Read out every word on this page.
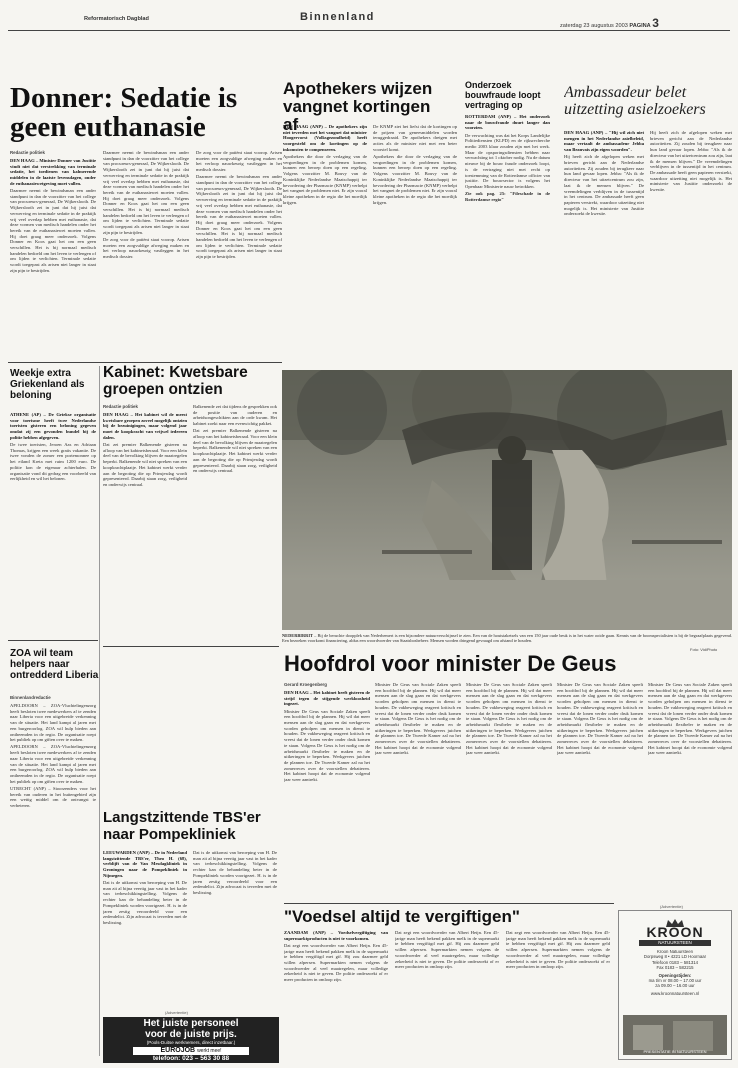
Reformatorisch Dagblad	Binnenland
zaterdag 23 augustus 2003 PAGINA 3
Donner: Sedatie is geen euthanasie
Redactie politiek

DEN HAAG – Minister Donner van Justitie vindt niet dat verstrekking van terminale sedatie, het toedienen van kalmerende middelen in de laatste levensdagen, onder de euthanasiewetgeving moet vallen.

Daarmee neemt de bewindsman een ander standpunt in dan de voorzitter van het college van procureurs-generaal, De Wijkerslooth. De Wijkerslooth zei in juni dat hij juist dat verwerving en terminale sedatie in de praktijk vrij veel overlap hebben met euthanasie, dat deze vormen van medisch handelen onder het bereik van de euthanasiewet moeten vallen. Hij doet graag meer onderzoek. Volgens Donner en Koos gaat het om een geen verschillen. Het is bij normaal medisch handelen bedoeld om het leven te verlengen of om lijden te verlichten. Terminale sedatie wordt toegepast als artsen niet langer in staat zijn pijn te bestrijden.

Daarmee neemt de bewindsman een ander standpunt in dan de voorzitter van het college van procureurs-generaal, De Wijkerslooth. De Wijkerslooth zei in juni dat hij juist dat verwerving en terminale sedatie in de praktijk vrij veel overlap hebben met euthanasie, dat deze vormen van medisch handelen onder het bereik van de euthanasiewet moeten vallen. Hij doet graag meer onderzoek. Volgens Donner en Koos gaat het om een geen verschillen. Het is bij normaal medisch handelen bedoeld om het leven te verlengen of om lijden te verlichten. Terminale sedatie wordt toegepast als artsen niet langer in staat zijn pijn te bestrijden.

De zorg voor de patiënt staat voorop. Artsen moeten een zorgvuldige afweging maken en het verloop nauwkeurig vastleggen in het medisch dossier.

De zorg voor de patiënt staat voorop. Artsen moeten een zorgvuldige afweging maken en het verloop nauwkeurig vastleggen in het medisch dossier.

Daarmee neemt de bewindsman een ander standpunt in dan de voorzitter van het college van procureurs-generaal, De Wijkerslooth. De Wijkerslooth zei in juni dat hij juist dat verwerving en terminale sedatie in de praktijk vrij veel overlap hebben met euthanasie, dat deze vormen van medisch handelen onder het bereik van de euthanasiewet moeten vallen. Hij doet graag meer onderzoek. Volgens Donner en Koos gaat het om een geen verschillen. Het is bij normaal medisch handelen bedoeld om het leven te verlengen of om lijden te verlichten. Terminale sedatie wordt toegepast als artsen niet langer in staat zijn pijn te bestrijden.

Apothekers wijzen vangnet kortingen af

DEN HAAG (ANP) – De apothekers zijn niet tevreden met het vangnet dat minister Hoogervorst (Volksgezondheid) heeft voorgesteld om de kortingen op de inkomsten te compenseren.

Apothekers die door de verlaging van de vergoedingen in de problemen komen, kunnen een beroep doen op een regeling. Volgens voorzitter M. Bouvy van de Koninklijke Nederlandse Maatschappij ter bevordering der Pharmacie (KNMP) verhelpt het vangnet de problemen niet. Er zijn vooral kleine apotheken in de regio die het moeilijk krijgen.

De KNMP ziet het liefst dat de kortingen op de prijzen van geneesmiddelen worden teruggedraaid. De apothekers dreigen met acties als de minister niet met een beter voorstel komt.

Apothekers die door de verlaging van de vergoedingen in de problemen komen, kunnen een beroep doen op een regeling. Volgens voorzitter M. Bouvy van de Koninklijke Nederlandse Maatschappij ter bevordering der Pharmacie (KNMP) verhelpt het vangnet de problemen niet. Er zijn vooral kleine apotheken in de regio die het moeilijk krijgen.

Onderzoek bouwfraude loopt vertraging op

ROTTERDAM (ANP) – Het onderzoek naar de bouwfraude duurt langer dan voorzien.

De verwachting was dat het Korps Landelijke Politiediensten (KLPD) en de rijksrecherche medio 2003 klaar zouden zijn met het werk. Maar de opsporingsdiensten hebben naar verwachting tot 1 oktober nodig. Nu de datum nieuwe bij de bouw fraude onderzoek loopt, is de vertraging niet met recht op toestemming van de Rotterdamse officier van justitie. De bouwsector is volgens het Openbaar Ministerie nauw betrokken.

Zie ook pag. 25: "Fileschade in de Rotterdamse regio"

Ambassadeur belet uitzetting asielzoekers

DEN HAAG (ANP) – "Hij wil zich niet mengen in het Nederlandse asielbeleid, maar vertaalt de ambassadeur Jebba van Beauvais zijn eigen woorden".

Hij heeft zich de afgelopen weken met brieven gericht aan de Nederlandse autoriteiten. Zij zouden bij terugkeer naar hun land gevaar lopen. Jebba: "Als ik de directeur van het uitzetcentrum zou zijn, laat ik de mensen blijven." De vreemdelingen verblijven in de tussentijd in het centrum. De ambassade heeft geen papieren verstrekt, waardoor uitzetting niet mogelijk is. Het ministerie van Justitie onderzoekt de kwestie.

Hij heeft zich de afgelopen weken met brieven gericht aan de Nederlandse autoriteiten. Zij zouden bij terugkeer naar hun land gevaar lopen. Jebba: "Als ik de directeur van het uitzetcentrum zou zijn, laat ik de mensen blijven." De vreemdelingen verblijven in de tussentijd in het centrum. De ambassade heeft geen papieren verstrekt, waardoor uitzetting niet mogelijk is. Het ministerie van Justitie onderzoekt de kwestie.

Weekje extra Griekenland als beloning

ATHENE (AP) – De Griekse organisatie voor toerisme heeft twee Nederlandse toeristen gisteren een beloning gegeven omdat zij een gevonden bundel bij de politie hebben afgegeven.

De twee toeristen, Jeroen Aas en Adriaan Thomas, krijgen een week gratis vakantie. De twee vonden de zomer een portemonnee op het eiland Kreta met ruim 1200 euro. De politie kon de eigenaar achterhalen. De organisatie vond dit gedrag een voorbeeld van eerlijkheid en wil het belonen.

ZOA wil team helpers naar ontredderd Liberia
Binnenlandredactie

APELDOORN – ZOA-Vluchtelingenzorg heeft besloten twee medewerkers af te zenden naar Liberia voor een uitgebreide verkenning van de situatie. Het land kampt al jaren met een burgeroorlog. ZOA wil hulp bieden aan ontheemden in de regio. De organisatie roept het publiek op om giften over te maken.

APELDOORN – ZOA-Vluchtelingenzorg heeft besloten twee medewerkers af te zenden naar Liberia voor een uitgebreide verkenning van de situatie. Het land kampt al jaren met een burgeroorlog. ZOA wil hulp bieden aan ontheemden in de regio. De organisatie roept het publiek op om giften over te maken.

UTRECHT (ANP) – Stoorzenders voor het bereik van ouderen in het buitengebied zijn een wettig middel om de ontvangst te verbeteren.

Kabinet: Kwetsbare groepen ontzien
Redactie politiek

DEN HAAG – Het kabinet wil de meest kwetsbare groepen zoveel mogelijk ontzien bij de bezuinigingen, maar volgend jaar moet de koopkracht van vrijwel iedereen dalen.

Dat zei premier Balkenende gisteren na afloop van het kabinetsberaad. Voor een klein deel van de bevolking blijven de maatregelen beperkt. Balkenende wil niet spreken van een koopkrachtplaatje. Het kabinet werkt verder aan de begroting die op Prinsjesdag wordt gepresenteerd. Daarbij staan zorg, veiligheid en onderwijs centraal.

Balkenende zei dat tijdens de gesprekken ook de positie van ouderen en arbeidsongeschikten aan de orde kwam. Het kabinet zoekt naar een evenwichtig pakket.

Dat zei premier Balkenende gisteren na afloop van het kabinetsberaad. Voor een klein deel van de bevolking blijven de maatregelen beperkt. Balkenende wil niet spreken van een koopkrachtplaatje. Het kabinet werkt verder aan de begroting die op Prinsjesdag wordt gepresenteerd. Daarbij staan zorg, veiligheid en onderwijs centraal.

NEDERBIRRIT – Bij de beruchte doopplek van Nederhemert is een bijzondere natuurverschijnsel te zien. Een van de houtstaketsels van een 150 jaar oude beuk is in het water ooide gaan. Kennis van de boomspecialisten is bij de begraafplaats gegevend. Een bezoeken voorkomt financiering, aldus een woordvoerder van Staatsbosbeheer. Mensen worden dringend gevraagd om afstand te houden.
Foto: VidiPhoto
Langstzittende TBS'er naar Pompekliniek

LEEUWARDEN (ANP) – De in Nederland langstzittende TBS'er, Theo H. (68), verblijft van de Van Mesdagkliniek in Groningen naar de Pompekliniek in Nijmegen.

Dat is de uitkomst van beroeping van H. De man zit al bijna veertig jaar vast in het kader van terbeschikkingstelling. Volgens de rechter kan de behandeling beter in de Pompekliniek worden voortgezet. H. is in de jaren zestig veroordeeld voor een zedendelict. Zijn advocaat is tevreden met de beslissing.

Dat is de uitkomst van beroeping van H. De man zit al bijna veertig jaar vast in het kader van terbeschikkingstelling. Volgens de rechter kan de behandeling beter in de Pompekliniek worden voortgezet. H. is in de jaren zestig veroordeeld voor een zedendelict. Zijn advocaat is tevreden met de beslissing.

Hoofdrol voor minister De Geus
Gerard Kroegenberg

DEN HAAG – Het kabinet heeft gisteren de strijd tegen de stijgende werkloosheid ingezet.

Minister De Geus van Sociale Zaken speelt een hoofdrol bij de plannen. Hij wil dat meer mensen aan de slag gaan en dat werkgevers worden geholpen om mensen in dienst te houden. De vakbeweging reageert kritisch en vreest dat de lonen verder onder druk komen te staan. Volgens De Geus is het nodig om de arbeidsmarkt flexibeler te maken en de uitkeringen te beperken. Werkgevers juichen de plannen toe. De Tweede Kamer zal na het zomerreces over de voorstellen debatteren. Het kabinet hoopt dat de economie volgend jaar weer aantrekt.

Minister De Geus van Sociale Zaken speelt een hoofdrol bij de plannen. Hij wil dat meer mensen aan de slag gaan en dat werkgevers worden geholpen om mensen in dienst te houden. De vakbeweging reageert kritisch en vreest dat de lonen verder onder druk komen te staan. Volgens De Geus is het nodig om de arbeidsmarkt flexibeler te maken en de uitkeringen te beperken. Werkgevers juichen de plannen toe. De Tweede Kamer zal na het zomerreces over de voorstellen debatteren. Het kabinet hoopt dat de economie volgend jaar weer aantrekt.

Minister De Geus van Sociale Zaken speelt een hoofdrol bij de plannen. Hij wil dat meer mensen aan de slag gaan en dat werkgevers worden geholpen om mensen in dienst te houden. De vakbeweging reageert kritisch en vreest dat de lonen verder onder druk komen te staan. Volgens De Geus is het nodig om de arbeidsmarkt flexibeler te maken en de uitkeringen te beperken. Werkgevers juichen de plannen toe. De Tweede Kamer zal na het zomerreces over de voorstellen debatteren. Het kabinet hoopt dat de economie volgend jaar weer aantrekt.

Minister De Geus van Sociale Zaken speelt een hoofdrol bij de plannen. Hij wil dat meer mensen aan de slag gaan en dat werkgevers worden geholpen om mensen in dienst te houden. De vakbeweging reageert kritisch en vreest dat de lonen verder onder druk komen te staan. Volgens De Geus is het nodig om de arbeidsmarkt flexibeler te maken en de uitkeringen te beperken. Werkgevers juichen de plannen toe. De Tweede Kamer zal na het zomerreces over de voorstellen debatteren. Het kabinet hoopt dat de economie volgend jaar weer aantrekt.

Minister De Geus van Sociale Zaken speelt een hoofdrol bij de plannen. Hij wil dat meer mensen aan de slag gaan en dat werkgevers worden geholpen om mensen in dienst te houden. De vakbeweging reageert kritisch en vreest dat de lonen verder onder druk komen te staan. Volgens De Geus is het nodig om de arbeidsmarkt flexibeler te maken en de uitkeringen te beperken. Werkgevers juichen de plannen toe. De Tweede Kamer zal na het zomerreces over de voorstellen debatteren. Het kabinet hoopt dat de economie volgend jaar weer aantrekt.

"Voedsel altijd te vergiftigen"

ZAANDAM (ANP) – Voedselvergiftiging van supermarktproducten is niet te voorkomen.

Dat zegt een woordvoerder van Albert Heijn. Een 45-jarige man heeft bekend pakken melk in de supermarkt te hebben vergiftigd met gif. Hij zou daarmee geld willen afpersen. Supermarkten nemen volgens de woordvoerder al veel maatregelen, maar volledige zekerheid is niet te geven. De politie onderzoekt of er meer producten in omloop zijn.

Dat zegt een woordvoerder van Albert Heijn. Een 45-jarige man heeft bekend pakken melk in de supermarkt te hebben vergiftigd met gif. Hij zou daarmee geld willen afpersen. Supermarkten nemen volgens de woordvoerder al veel maatregelen, maar volledige zekerheid is niet te geven. De politie onderzoekt of er meer producten in omloop zijn.

Dat zegt een woordvoerder van Albert Heijn. Een 45-jarige man heeft bekend pakken melk in de supermarkt te hebben vergiftigd met gif. Hij zou daarmee geld willen afpersen. Supermarkten nemen volgens de woordvoerder al veel maatregelen, maar volledige zekerheid is niet te geven. De politie onderzoekt of er meer producten in omloop zijn.

(Advertentie)
Het juiste personeel
voor de juiste prijs.
(Pools-Duitse werknemers, direct inzetbaar.)
EUROJOB werkt mee!
telefoon: 023 – 563 30 88
(Advertentie)
KROON
NATUURSTEEN
Kroon Natuursteen
Dorpsweg 8 • 4221 LD Hoornaar
Telefoon 0183 – 581314
Fax 0183 – 582215
Openingstijden:
ma t/m vr 08.00 – 17.00 uur
za 09.00 – 16.00 uur
www.kroonnatuursteen.nl
PRESENTATIE IN NATUURSTEEN
